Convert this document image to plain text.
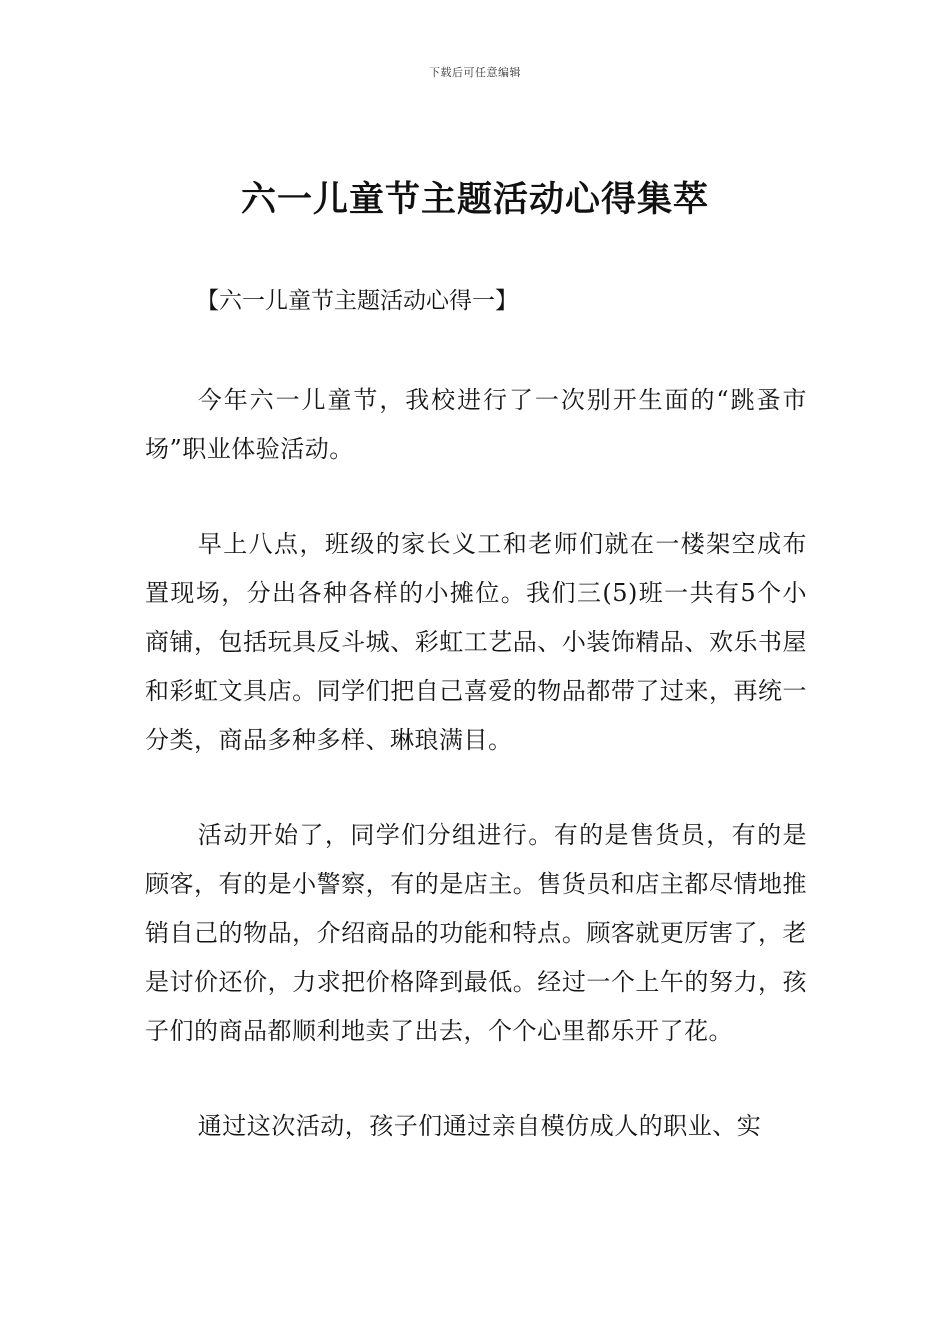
下载后可任意编辑
六一儿童节主题活动心得集萃
【六一儿童节主题活动心得一】

今年六一儿童节，我校进行了一次别开生面的“跳蚤市场”职业体验活动。

早上八点，班级的家长义工和老师们就在一楼架空成布置现场，分出各种各样的小摊位。我们三(5)班一共有5个小商铺，包括玩具反斗城、彩虹工艺品、小装饰精品、欢乐书屋和彩虹文具店。同学们把自己喜爱的物品都带了过来，再统一分类，商品多种多样、琳琅满目。

活动开始了，同学们分组进行。有的是售货员，有的是顾客，有的是小警察，有的是店主。售货员和店主都尽情地推销自己的物品，介绍商品的功能和特点。顾客就更厉害了，老是讨价还价，力求把价格降到最低。经过一个上午的努力，孩子们的商品都顺利地卖了出去，个个心里都乐开了花。

通过这次活动，孩子们通过亲自模仿成人的职业、实
